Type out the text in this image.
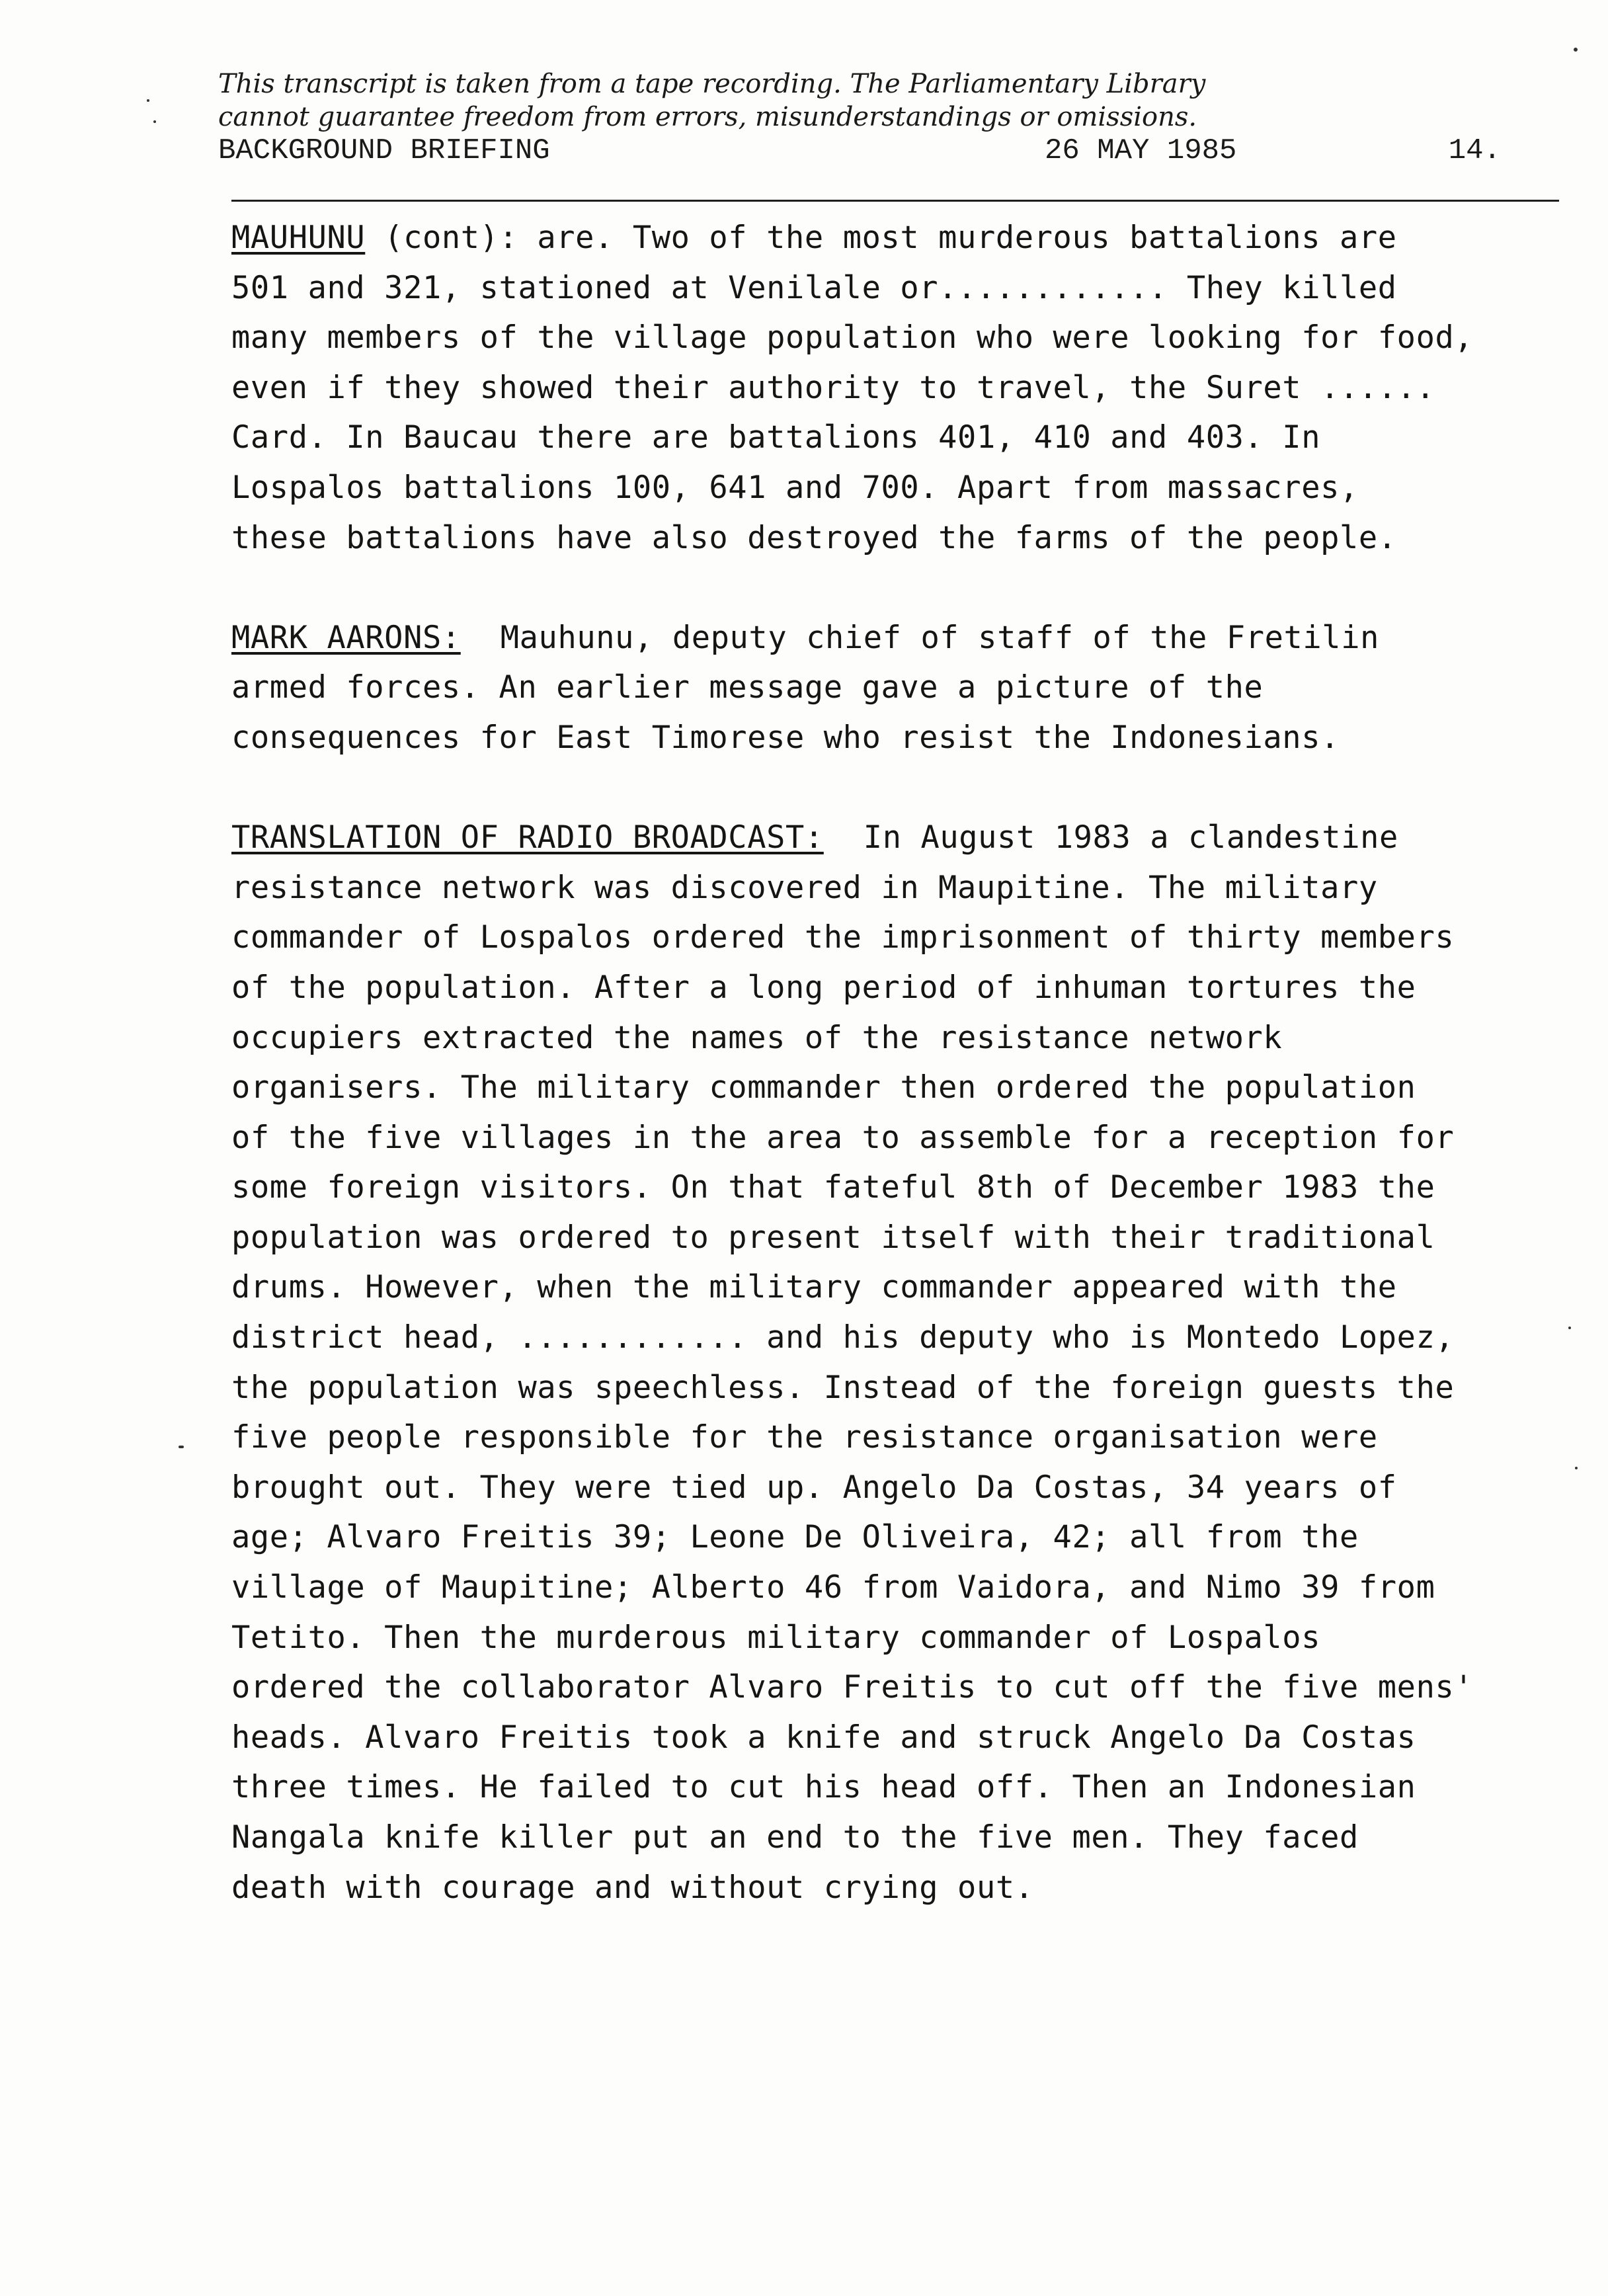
This transcript is taken from a tape recording. The Parliamentary Library
cannot guarantee freedom from errors, misunderstandings or omissions.
BACKGROUND BRIEFING	26 MAY 1985	14.
MAUHUNU (cont): are. Two of the most murderous battalions are
501 and 321, stationed at Venilale or............ They killed
many members of the village population who were looking for food,
even if they showed their authority to travel, the Suret ......
Card. In Baucau there are battalions 401, 410 and 403. In
Lospalos battalions 100, 641 and 700. Apart from massacres,
these battalions have also destroyed the farms of the people.
MARK AARONS: Mauhunu, deputy chief of staff of the Fretilin
armed forces. An earlier message gave a picture of the
consequences for East Timorese who resist the Indonesians.
TRANSLATION OF RADIO BROADCAST: In August 1983 a clandestine
resistance network was discovered in Maupitine. The military
commander of Lospalos ordered the imprisonment of thirty members
of the population. After a long period of inhuman tortures the
occupiers extracted the names of the resistance network
organisers. The military commander then ordered the population
of the five villages in the area to assemble for a reception for
some foreign visitors. On that fateful 8th of December 1983 the
population was ordered to present itself with their traditional
drums. However, when the military commander appeared with the
district head, ............ and his deputy who is Montedo Lopez,
the population was speechless. Instead of the foreign guests the
five people responsible for the resistance organisation were
brought out. They were tied up. Angelo Da Costas, 34 years of
age; Alvaro Freitis 39; Leone De Oliveira, 42; all from the
village of Maupitine; Alberto 46 from Vaidora, and Nimo 39 from
Tetito. Then the murderous military commander of Lospalos
ordered the collaborator Alvaro Freitis to cut off the five mens'
heads. Alvaro Freitis took a knife and struck Angelo Da Costas
three times. He failed to cut his head off. Then an Indonesian
Nangala knife killer put an end to the five men. They faced
death with courage and without crying out.
